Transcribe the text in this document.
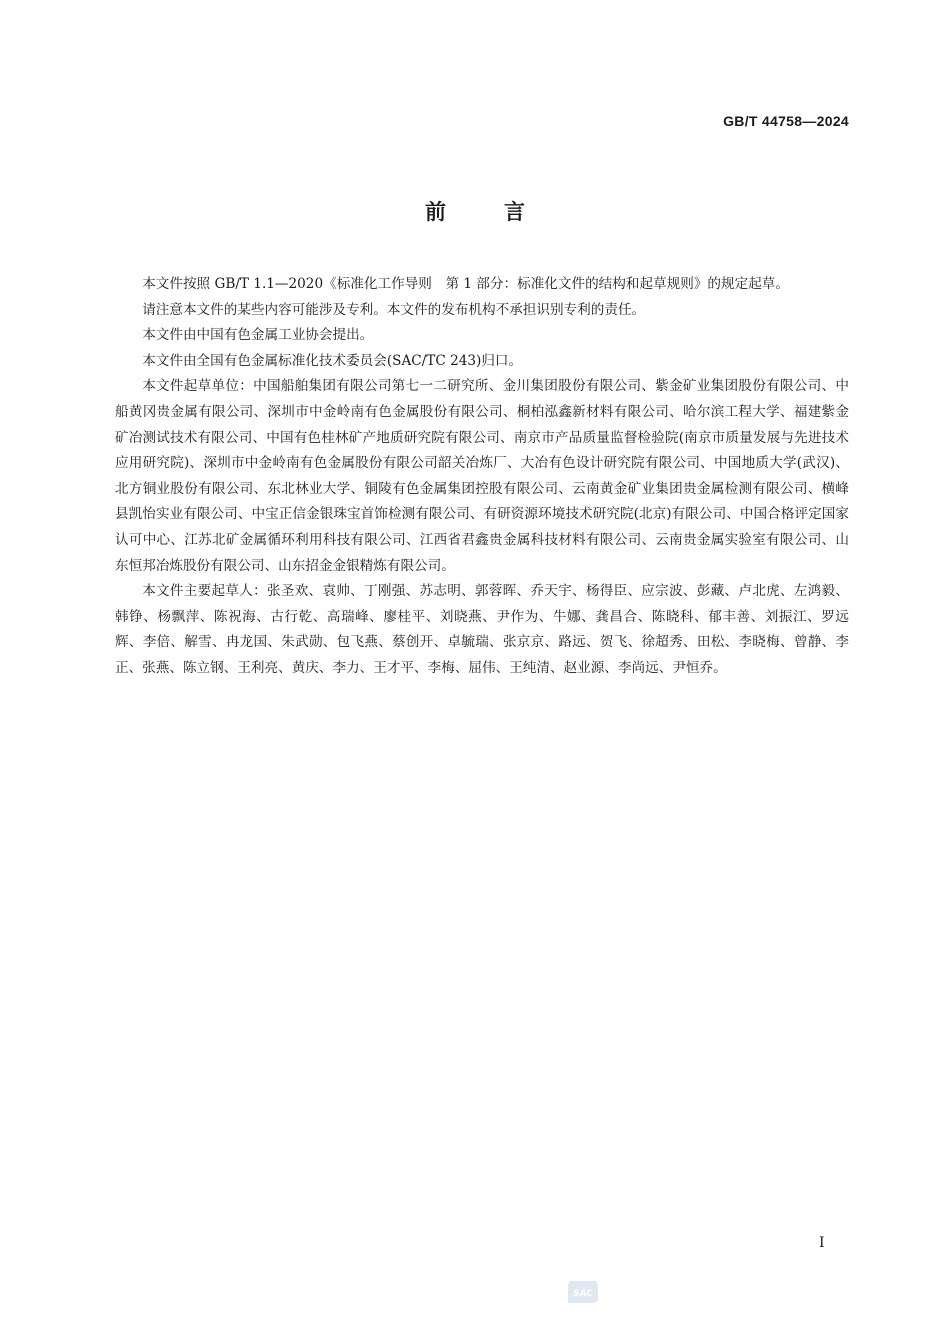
GB/T 44758—2024
前言

本文件按照 GB/T 1.1—2020《标准化工作导则　第 1 部分：标准化文件的结构和起草规则》的规定起草。

请注意本文件的某些内容可能涉及专利。本文件的发布机构不承担识别专利的责任。

本文件由中国有色金属工业协会提出。

本文件由全国有色金属标准化技术委员会(SAC/TC 243)归口。

本文件起草单位：中国船舶集团有限公司第七一二研究所、金川集团股份有限公司、紫金矿业集团股份有限公司、中船黄冈贵金属有限公司、深圳市中金岭南有色金属股份有限公司、桐柏泓鑫新材料有限公司、哈尔滨工程大学、福建紫金矿冶测试技术有限公司、中国有色桂林矿产地质研究院有限公司、南京市产品质量监督检验院(南京市质量发展与先进技术应用研究院)、深圳市中金岭南有色金属股份有限公司韶关冶炼厂、大冶有色设计研究院有限公司、中国地质大学(武汉)、北方铜业股份有限公司、东北林业大学、铜陵有色金属集团控股有限公司、云南黄金矿业集团贵金属检测有限公司、横峰县凯怡实业有限公司、中宝正信金银珠宝首饰检测有限公司、有研资源环境技术研究院(北京)有限公司、中国合格评定国家认可中心、江苏北矿金属循环利用科技有限公司、江西省君鑫贵金属科技材料有限公司、云南贵金属实验室有限公司、山东恒邦冶炼股份有限公司、山东招金金银精炼有限公司。

本文件主要起草人：张圣欢、袁帅、丁刚强、苏志明、郭蓉晖、乔天宇、杨得臣、应宗波、彭藏、卢北虎、左鸿毅、韩铮、杨飘萍、陈祝海、古行乾、高瑞峰、廖桂平、刘晓燕、尹作为、牛娜、龚昌合、陈晓科、郁丰善、刘振江、罗远辉、李倍、解雪、冉龙国、朱武勋、包飞燕、蔡创开、卓毓瑞、张京京、路远、贺飞、徐超秀、田松、李晓梅、曾静、李正、张燕、陈立钢、王利亮、黄庆、李力、王才平、李梅、屈伟、王纯清、赵业源、李尚远、尹恒乔。

I
SAC
